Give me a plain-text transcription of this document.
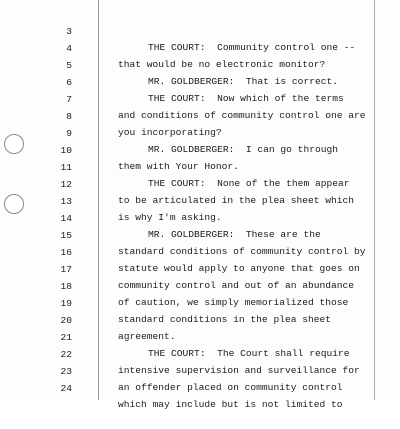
3

THE COURT:  Community control one --

4

that would be no electronic monitor?

5

MR. GOLDBERGER:  That is correct.

6

THE COURT:  Now which of the terms

7

and conditions of community control one are

8

you incorporating?

9

MR. GOLDBERGER:  I can go through

10

them with Your Honor.

11

THE COURT:  None of the them appear

12

to be articulated in the plea sheet which

13

is why I'm asking.

14

MR. GOLDBERGER:  These are the

15

standard conditions of community control by

16

statute would apply to anyone that goes on

17

community control and out of an abundance

18

of caution, we simply memorialized those

19

standard conditions in the plea sheet

20

agreement.

21

THE COURT:  The Court shall require

22

intensive supervision and surveillance for

23

an offender placed on community control

24

which may include but is not limited to
